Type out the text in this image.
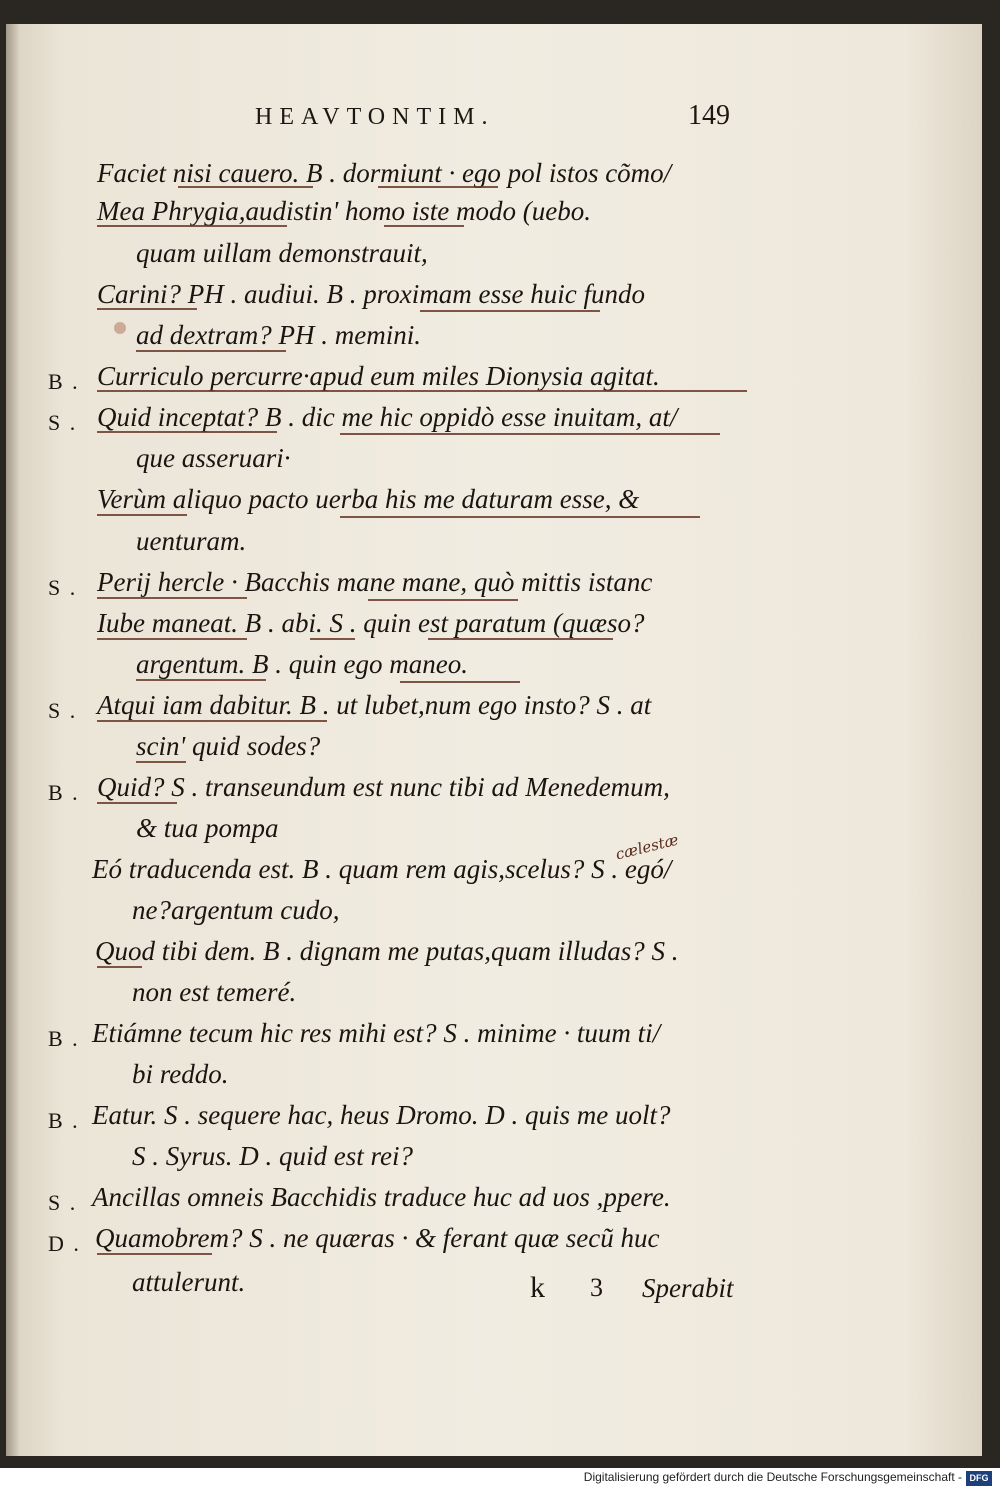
HEAVTONTIM.	149
Faciet nisi cauero. B . dormiunt · ego pol istos cõmo/
Mea Phrygia,audistin' homo iste modo (uebo.
quam uillam demonstrauit,
Carini? PH . audiui. B . proximam esse huic fundo
ad dextram? PH . memini.
B . Curriculo percurre·apud eum miles Dionysia agitat.
S . Quid inceptat? B . dic me hic oppidò esse inuitam, at/
que asseruari·
Verùm aliquo pacto uerba his me daturam esse, &
uenturam.
S . Perij hercle · Bacchis mane mane, quò mittis istanc
Iube maneat. B . abi. S . quin est paratum (quæso?
argentum. B . quin ego maneo.
S . Atqui iam dabitur. B . ut lubet,num ego insto? S . at
scin' quid sodes?
B . Quid? S . transeundum est nunc tibi ad Menedemum,
& tua pompa
Eó traducenda est. B . quam rem agis,scelus? S . egó/
ne?argentum cudo,
Quod tibi dem. B . dignam me putas,quam illudas? S .
non est temeré.
B . Etiámne tecum hic res mihi est? S . minime · tuum ti/
bi reddo.
B . Eatur. S . sequere hac, heus Dromo. D . quis me uolt?
S . Syrus. D . quid est rei?
S . Ancillas omneis Bacchidis traduce huc ad uos ,ppere.
D . Quamobrem? S . ne quæras · & ferant quæ secũ huc
attulerunt.	k 3 Sperabit
cælestæ
Digitalisierung gefördert durch die Deutsche Forschungsgemeinschaft - DFG
